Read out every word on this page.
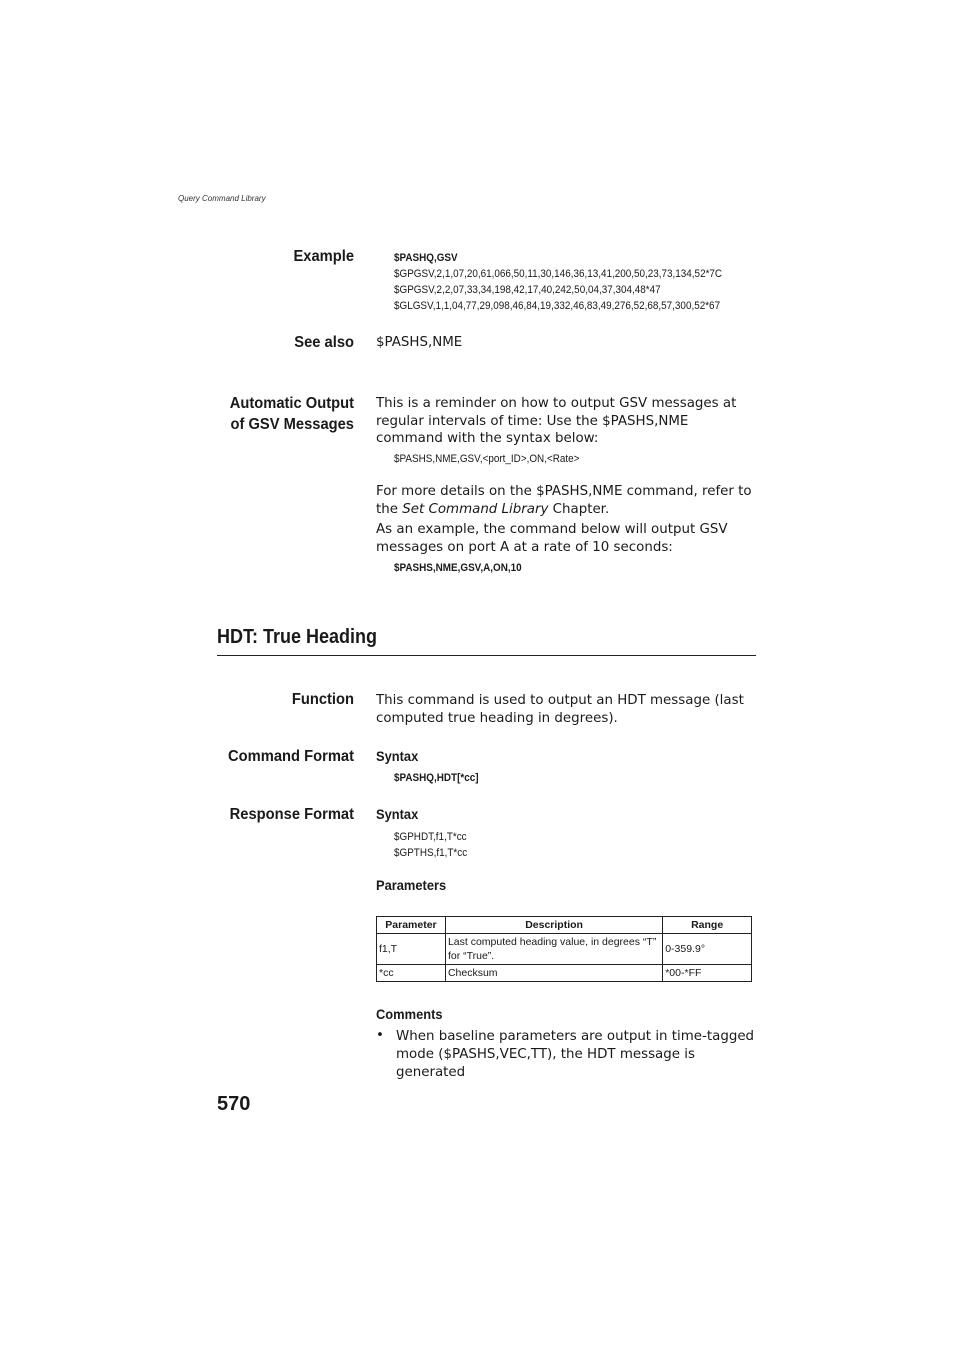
Query Command Library
Example	$PASHQ,GSV
$GPGSV,2,1,07,20,61,066,50,11,30,146,36,13,41,200,50,23,73,134,52*7C
$GPGSV,2,2,07,33,34,198,42,17,40,242,50,04,37,304,48*47
$GLGSV,1,1,04,77,29,098,46,84,19,332,46,83,49,276,52,68,57,300,52*67
See also $PASHS,NME
Automatic Output
of GSV Messages
This is a reminder on how to output GSV messages at regular intervals of time: Use the $PASHS,NME command with the syntax below:
$PASHS,NME,GSV,<port_ID>,ON,<Rate>
For more details on the $PASHS,NME command, refer to the Set Command Library Chapter.
As an example, the command below will output GSV messages on port A at a rate of 10 seconds:
$PASHS,NME,GSV,A,ON,10
HDT: True Heading
Function This command is used to output an HDT message (last computed true heading in degrees).
Command Format Syntax
$PASHQ,HDT[*cc]
Response Format Syntax
$GPHDT,f1,T*cc
$GPTHS,f1,T*cc
Parameters
Parameter	Description	Range
f1,T	Last computed heading value, in degrees “T” for “True”.	0-359.9°
*cc	Checksum	*00-*FF
Comments
• When baseline parameters are output in time-tagged mode ($PASHS,VEC,TT), the HDT message is generated
570
